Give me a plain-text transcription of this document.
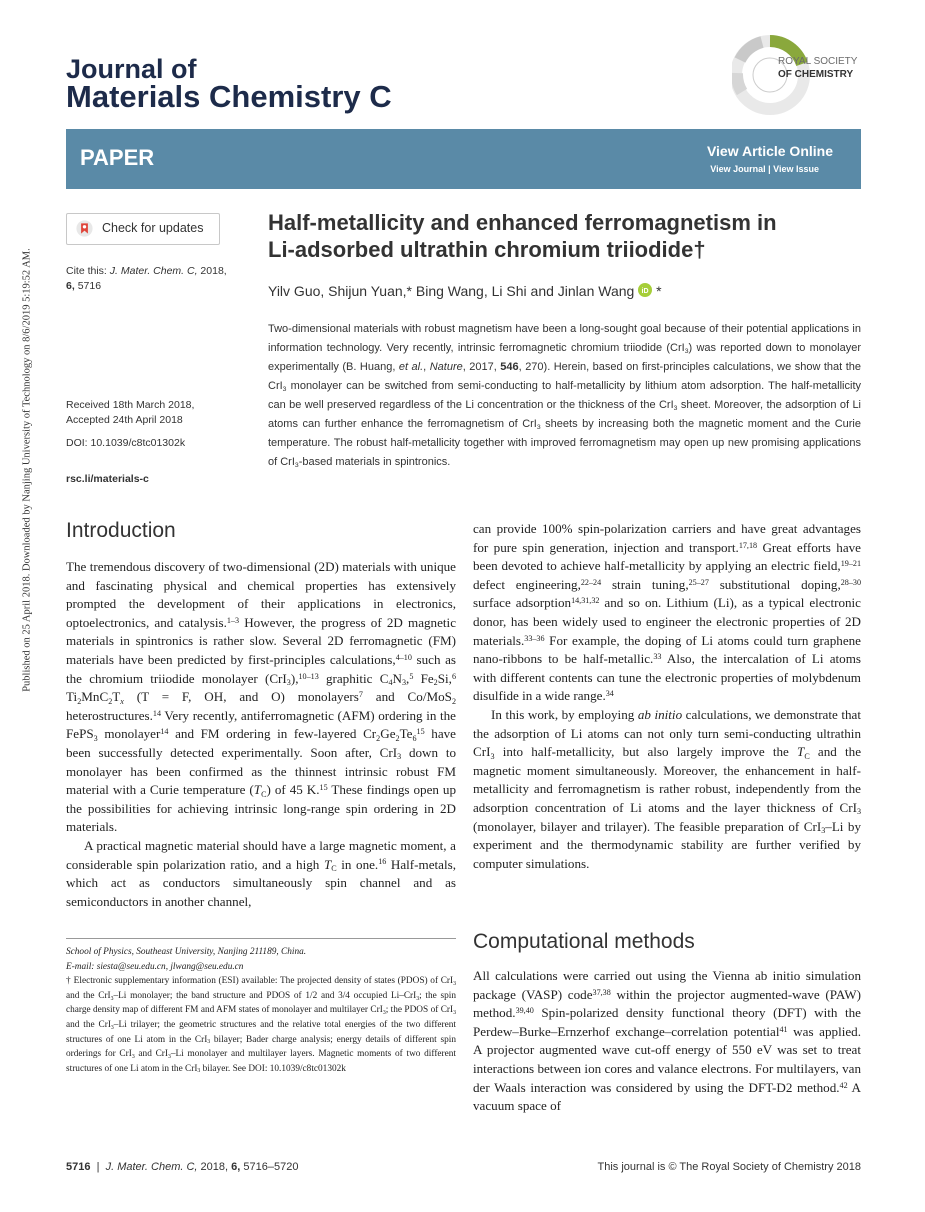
Published on 25 April 2018. Downloaded by Nanjing University of Technology on 8/6/2019 5:19:52 AM.
Journal of
Materials Chemistry C
ROYAL SOCIETY
OF CHEMISTRY
PAPER	View Article Online
View Journal | View Issue
Check for updates
Cite this: J. Mater. Chem. C, 2018,
6, 5716
Received 18th March 2018,
Accepted 24th April 2018
DOI: 10.1039/c8tc01302k
rsc.li/materials-c
Half-metallicity and enhanced ferromagnetism in
Li-adsorbed ultrathin chromium triiodide†
Yilv Guo, Shijun Yuan,* Bing Wang, Li Shi and Jinlan Wang iD *
Two-dimensional materials with robust magnetism have been a long-sought goal because of their potential applications in information technology. Very recently, intrinsic ferromagnetic chromium triiodide (CrI$_3$) was reported down to monolayer experimentally (B. Huang, et al., Nature, 2017, 546, 270). Herein, based on first-principles calculations, we show that the CrI$_3$ monolayer can be switched from semi-conducting to half-metallicity by lithium atom adsorption. The half-metallicity can be well preserved regardless of the Li concentration or the thickness of the CrI$_3$ sheet. Moreover, the adsorption of Li atoms can further enhance the ferromagnetism of CrI$_3$ sheets by increasing both the magnetic moment and the Curie temperature. The robust half-metallicity together with improved ferromagnetism may open up new promising applications of CrI$_3$-based materials in spintronics.
Introduction

The tremendous discovery of two-dimensional (2D) materials with unique and fascinating physical and chemical properties has extensively prompted the development of their applications in electronics, optoelectronics, and catalysis.$^{1-3}$ However, the progress of 2D magnetic materials in spintronics is rather slow. Several 2D ferromagnetic (FM) materials have been predicted by first-principles calculations,$^{4-10}$ such as the chromium triiodide monolayer (CrI$_3$),$^{10-13}$ graphitic $C_4N_3,^5$ $Fe_2Si,^6$ $Ti_2MnC_2T_x$ (T = F, OH, and O) monolayers$^7$ and Co/MoS$_2$ heterostructures.$^{14}$ Very recently, antiferromagnetic (AFM) ordering in the FePS$_3$ monolayer$^{14}$ and FM ordering in few-layered $Cr_2Ge_2Te_6^{15}$ have been successfully detected experimentally. Soon after, CrI$_3$ down to monolayer has been confirmed as the thinnest intrinsic robust FM material with a Curie temperature $(T_C)$ of 45 K.$^{15}$ These findings open up the possibilities for achieving intrinsic long-range spin ordering in 2D materials.

A practical magnetic material should have a large magnetic moment, a considerable spin polarization ratio, and a high $T_C$ in one.$^{16}$ Half-metals, which act as conductors simultaneously spin channel and as semiconductors in another channel,

School of Physics, Southeast University, Nanjing 211189, China.
E-mail: siesta@seu.edu.cn, jlwang@seu.edu.cn

† Electronic supplementary information (ESI) available: The projected density of states (PDOS) of CrI$_3$ and the CrI$_3$–Li monolayer; the band structure and PDOS of 1/2 and 3/4 occupied Li–CrI$_3$; the spin charge density map of different FM and AFM states of monolayer and multilayer CrI$_3$; the PDOS of CrI$_3$ and the CrI$_3$–Li trilayer; the geometric structures and the relative total energies of the two different structures of one Li atom in the CrI$_3$ bilayer; Bader charge analysis; energy details of different spin orderings for CrI$_3$ and CrI$_3$–Li monolayer and multilayer layers. Magnetic moments of two different structures of one Li atom in the CrI$_3$ bilayer. See DOI: 10.1039/c8tc01302k

can provide 100% spin-polarization carriers and have great advantages for pure spin generation, injection and transport.$^{17,18}$ Great efforts have been devoted to achieve half-metallicity by applying an electric field,$^{19-21}$ defect engineering,$^{22-24}$ strain tuning,$^{25-27}$ substitutional doping,$^{28-30}$ surface adsorption$^{14,31,32}$ and so on. Lithium (Li), as a typical electronic donor, has been widely used to engineer the electronic properties of 2D materials.$^{33-36}$ For example, the doping of Li atoms could turn graphene nano-ribbons to be half-metallic.$^{33}$ Also, the intercalation of Li atoms with different contents can tune the electronic properties of molybdenum disulfide in a wide range.$^{34}$

In this work, by employing ab initio calculations, we demonstrate that the adsorption of Li atoms can not only turn semi-conducting ultrathin CrI$_3$ into half-metallicity, but also largely improve the $T_C$ and the magnetic moment simultaneously. Moreover, the enhancement in half-metallicity and ferromagnetism is rather robust, independently from the adsorption concentration of Li atoms and the layer thickness of CrI$_3$ (monolayer, bilayer and trilayer). The feasible preparation of CrI$_3$–Li by experiment and the thermodynamic stability are further verified by computer simulations.

Computational methods

All calculations were carried out using the Vienna ab initio simulation package (VASP) code$^{37,38}$ within the projector augmented-wave (PAW) method.$^{39,40}$ Spin-polarized density functional theory (DFT) with the Perdew–Burke–Ernzerhof exchange–correlation potential$^{41}$ was applied. A projector augmented wave cut-off energy of 550 eV was set to treat interactions between ion cores and valance electrons. For multilayers, van der Waals interaction was considered by using the DFT-D2 method.$^{42}$ A vacuum space of

5716  |  J. Mater. Chem. C, 2018, 6, 5716–5720	This journal is © The Royal Society of Chemistry 2018
